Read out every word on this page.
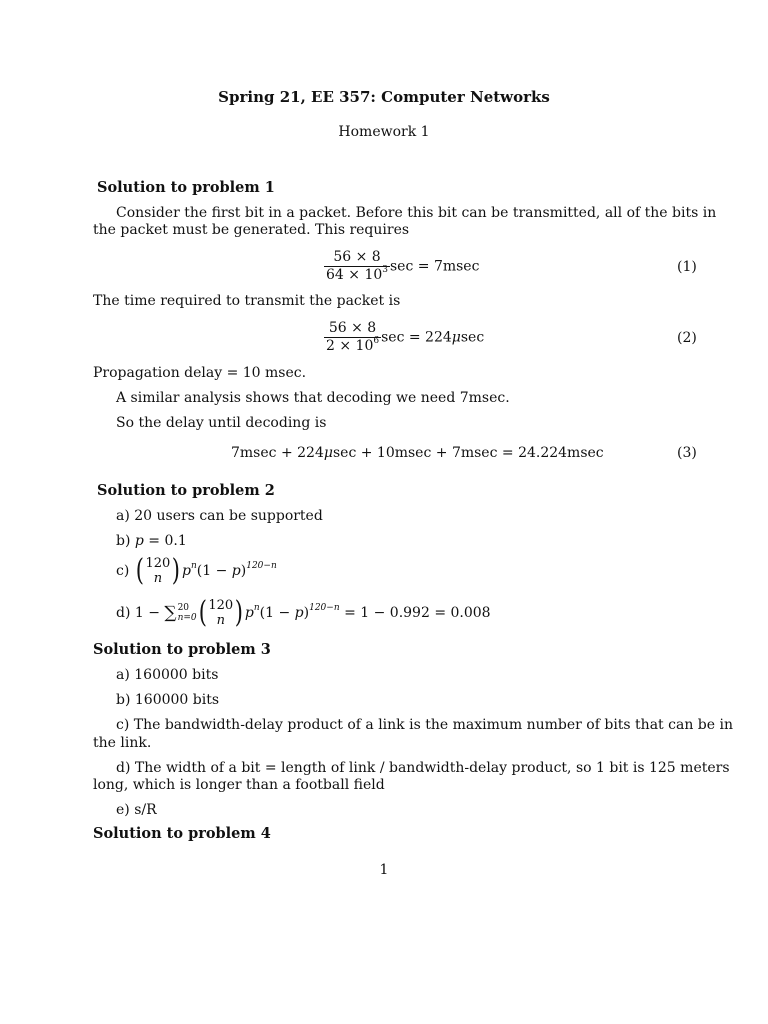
Spring 21, EE 357: Computer Networks
Homework 1
Solution to problem 1
Consider the first bit in a packet. Before this bit can be transmitted, all of the bits in
the packet must be generated. This requires
$\frac{56 \times 8}{64 \times 10^3}$ sec = 7msec	(1)
The time required to transmit the packet is
$\frac{56 \times 8}{2 \times 10^6}$ sec = 224μsec	(2)
Propagation delay = 10 msec.
A similar analysis shows that decoding we need 7msec.
So the delay until decoding is
7msec + 224μsec + 10msec + 7msec = 24.224msec	(3)
Solution to problem 2
a) 20 users can be supported
b) p = 0.1
c) ( 120
n ) $p^n(1 - p)^{120-n}$
d) 1 − ∑ 20
n=0 ( 120
n ) $p^n(1 - p)^{120-n} = 1 - 0.992 = 0.008$
Solution to problem 3
a) 160000 bits
b) 160000 bits
c) The bandwidth-delay product of a link is the maximum number of bits that can be in
the link.
d) The width of a bit = length of link / bandwidth-delay product, so 1 bit is 125 meters
long, which is longer than a football field
e) s/R
Solution to problem 4
1
